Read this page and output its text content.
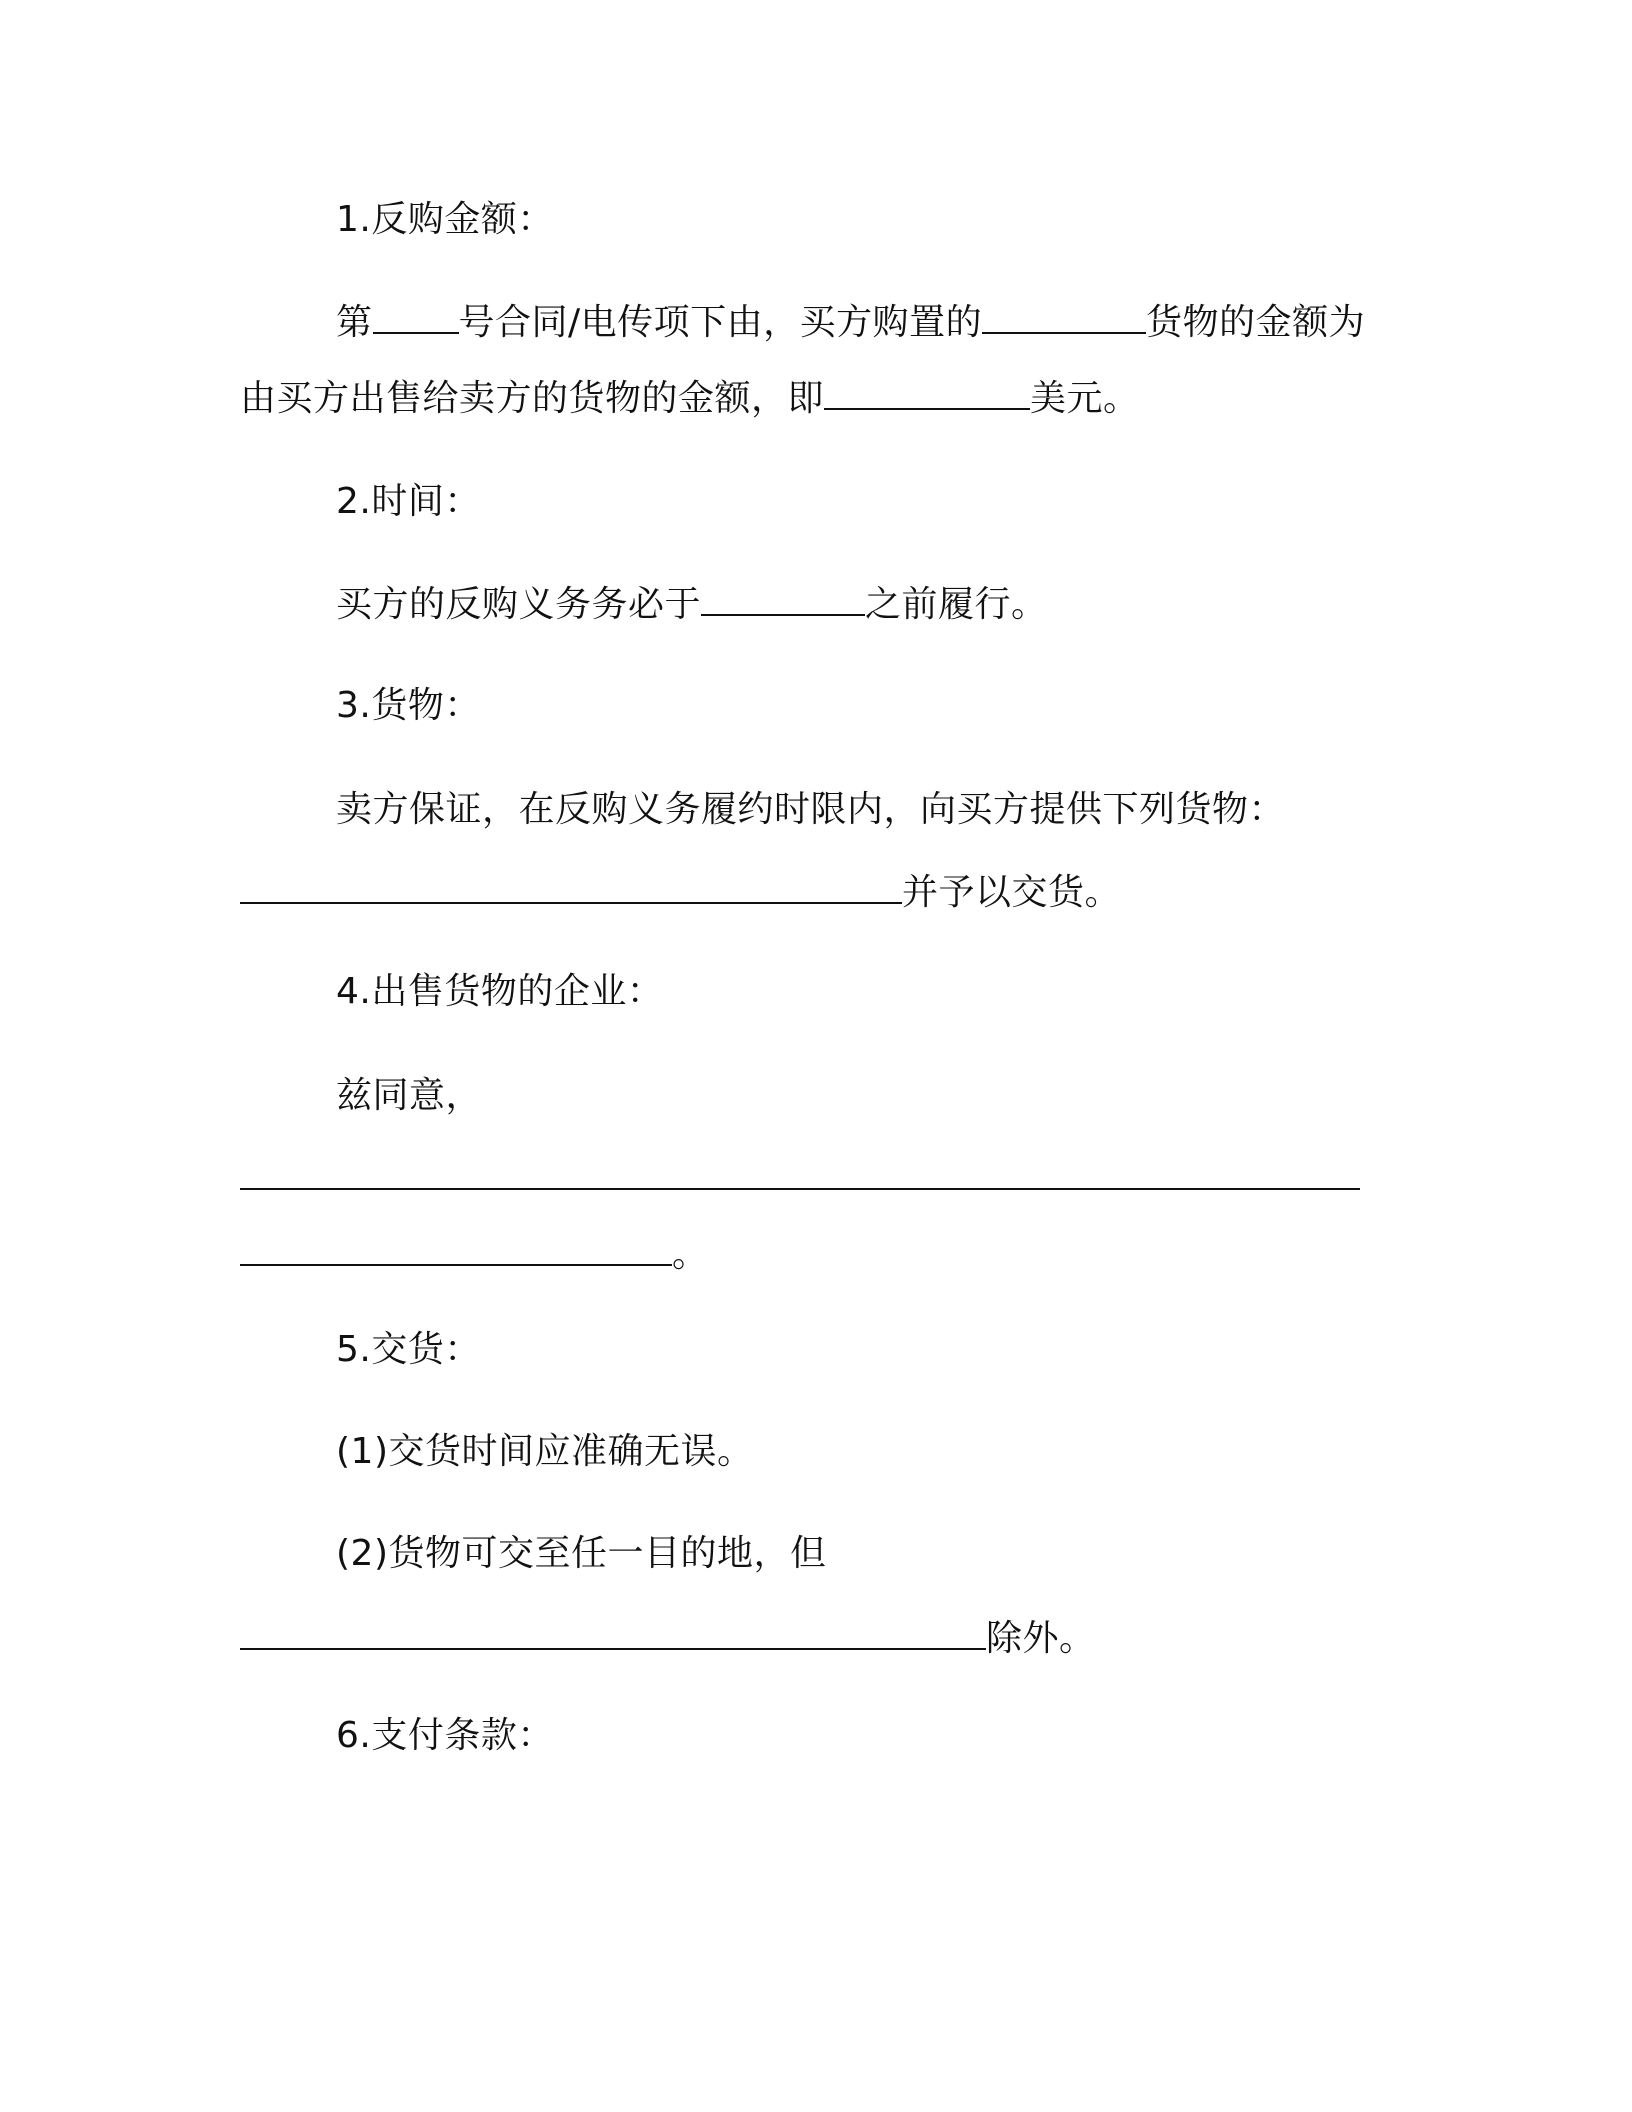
1.反购金额：
第 号合同/电传项下由，买方购置的	货物的金额为
由买方出售给卖方的货物的金额，即	美元。
2.时间：
买方的反购义务务必于	之前履行。
3.货物：
卖方保证，在反购义务履约时限内，向买方提供下列货物：
并予以交货。
4.出售货物的企业：
兹同意，
。
5.交货：
(1)交货时间应准确无误。
(2)货物可交至任一目的地，但
除外。
6.支付条款：
